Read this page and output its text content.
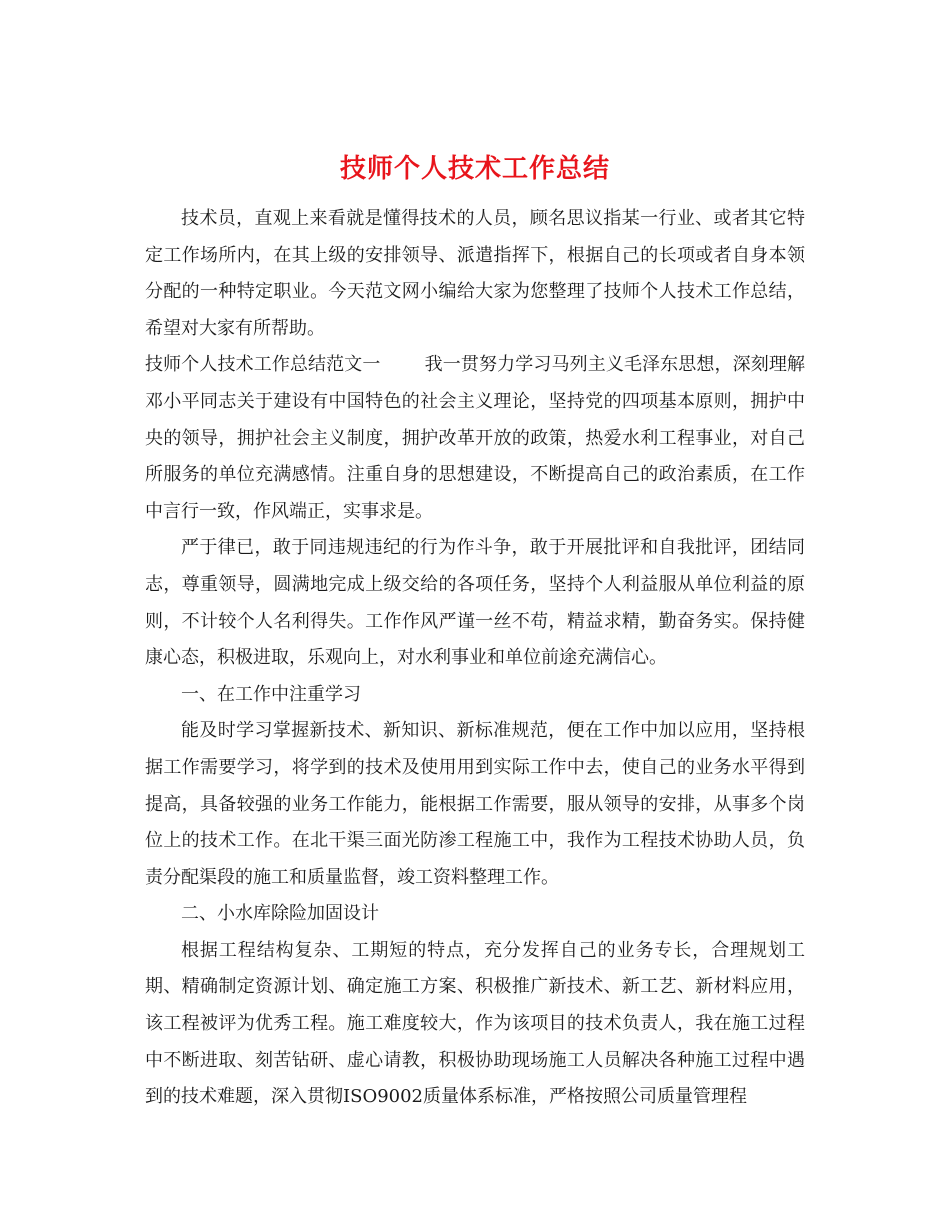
技师个人技术工作总结

技术员，直观上来看就是懂得技术的人员，顾名思议指某一行业、或者其它特定工作场所内，在其上级的安排领导、派遣指挥下，根据自己的长项或者自身本领分配的一种特定职业。今天范文网小编给大家为您整理了技师个人技术工作总结，希望对大家有所帮助。

技师个人技术工作总结范文一 我一贯努力学习马列主义毛泽东思想，深刻理解邓小平同志关于建设有中国特色的社会主义理论，坚持党的四项基本原则，拥护中央的领导，拥护社会主义制度，拥护改革开放的政策，热爱水利工程事业，对自己所服务的单位充满感情。注重自身的思想建设，不断提高自己的政治素质，在工作中言行一致，作风端正，实事求是。

严于律已，敢于同违规违纪的行为作斗争，敢于开展批评和自我批评，团结同志，尊重领导，圆满地完成上级交给的各项任务，坚持个人利益服从单位利益的原则，不计较个人名利得失。工作作风严谨一丝不苟，精益求精，勤奋务实。保持健康心态，积极进取，乐观向上，对水利事业和单位前途充满信心。

一、在工作中注重学习

能及时学习掌握新技术、新知识、新标准规范，便在工作中加以应用，坚持根据工作需要学习，将学到的技术及使用用到实际工作中去，使自己的业务水平得到提高，具备较强的业务工作能力，能根据工作需要，服从领导的安排，从事多个岗位上的技术工作。在北干渠三面光防渗工程施工中，我作为工程技术协助人员，负责分配渠段的施工和质量监督，竣工资料整理工作。

二、小水库除险加固设计

根据工程结构复杂、工期短的特点，充分发挥自己的业务专长，合理规划工期、精确制定资源计划、确定施工方案、积极推广新技术、新工艺、新材料应用，该工程被评为优秀工程。施工难度较大，作为该项目的技术负责人，我在施工过程中不断进取、刻苦钻研、虚心请教，积极协助现场施工人员解决各种施工过程中遇到的技术难题，深入贯彻ISO9002质量体系标准，严格按照公司质量管理程
